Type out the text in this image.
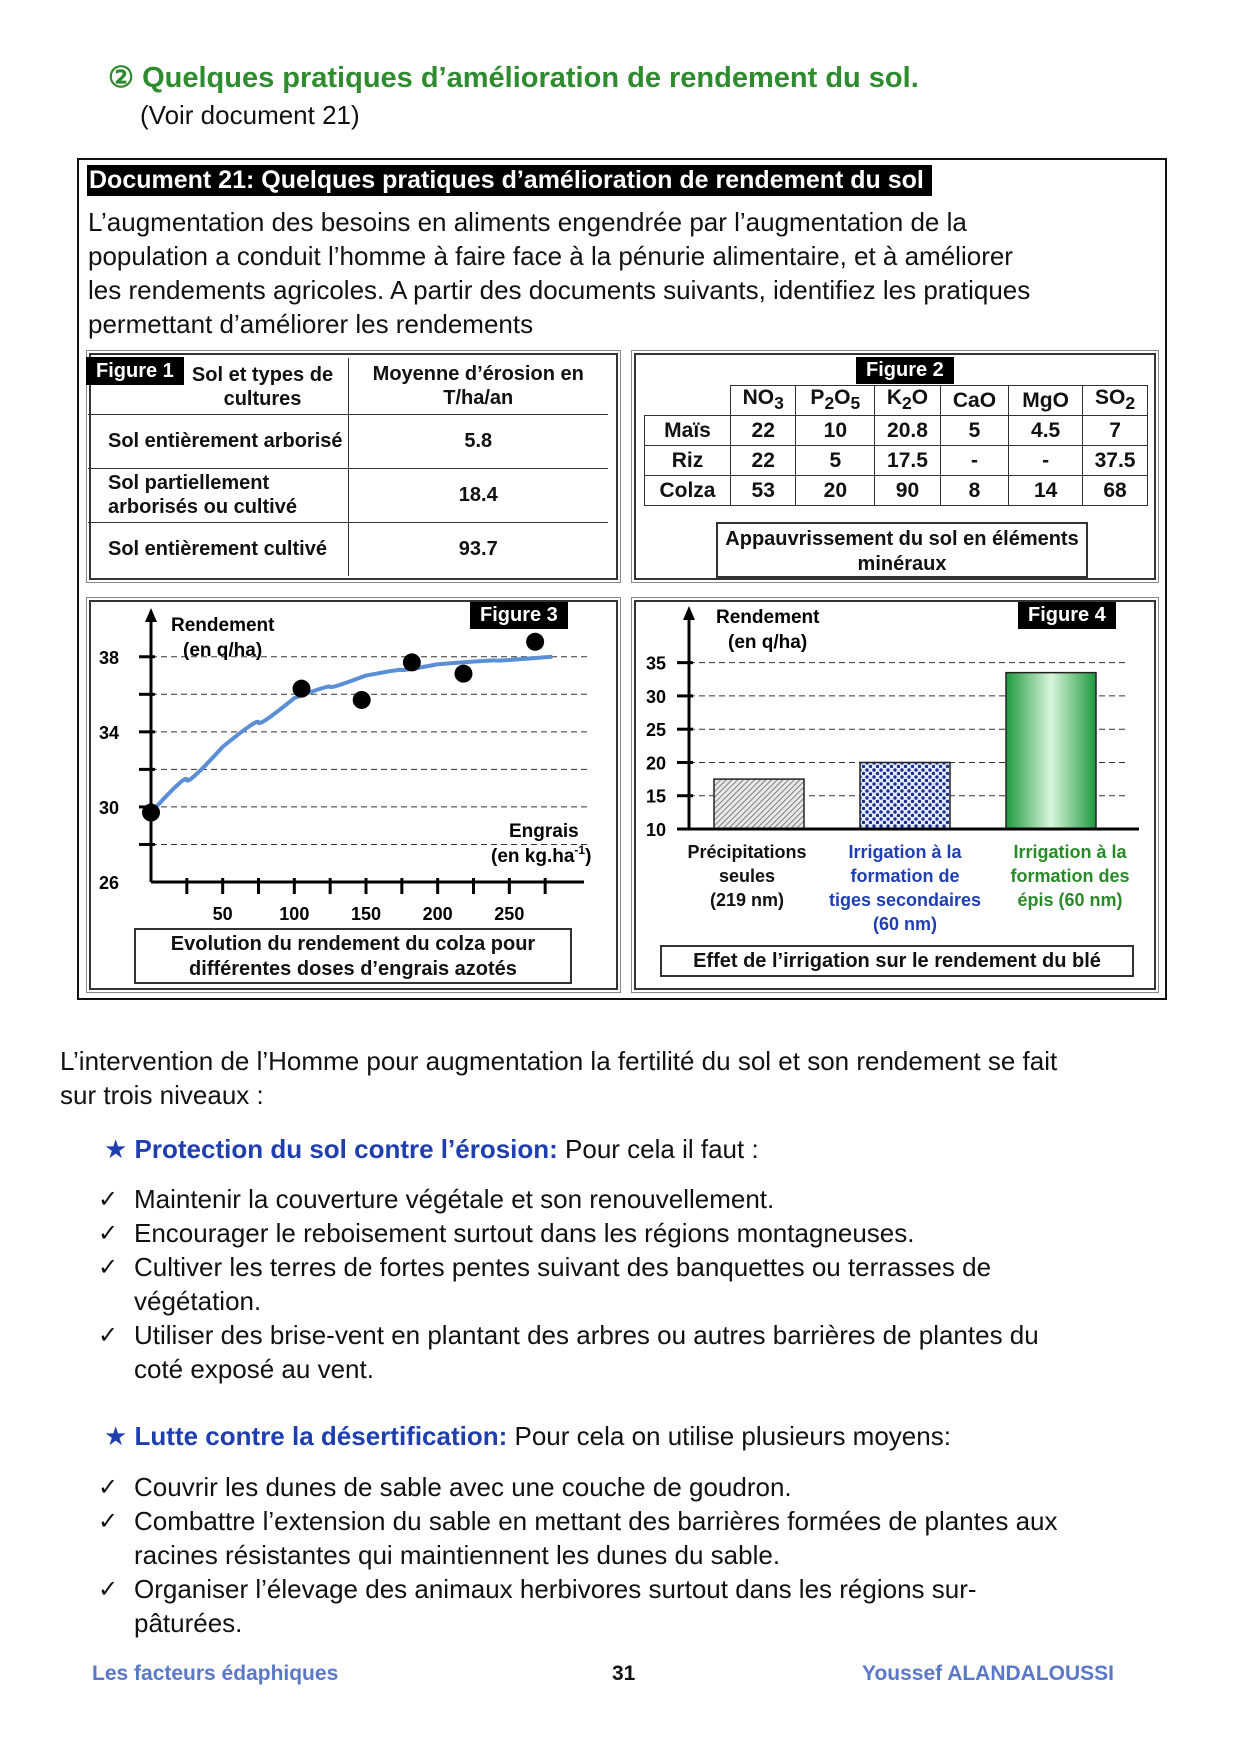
② Quelques pratiques d’amélioration de rendement du sol.
(Voir document 21)
Document 21: Quelques pratiques d’amélioration de rendement du sol
L’augmentation des besoins en aliments engendrée par l’augmentation de la
population a conduit l’homme à faire face à la pénurie alimentaire, et à améliorer
les rendements agricoles. A partir des documents suivants, identifiez les pratiques
permettant d’améliorer les rendements
Figure 1 Sol et types de cultures	Moyenne d’érosion en T/ha/an
Sol entièrement arborisé	5.8
Sol partiellement arborisés ou cultivé	18.4
Sol entièrement cultivé	93.7
Figure 2
	$NO_3$	$P_2O_5$	$K_2O$	CaO	MgO	$SO_2$
Maïs	22	10	20.8	5	4.5	7
Riz	22	5	17.5	-	-	37.5
Colza	53	20	90	8	14	68
Appauvrissement du sol en éléments minéraux
Figure 3
26
30
34
38
50	100 150 200 250
Rendement
(en q/ha)
Engrais
(en $kg.ha^{-1}$)
Evolution du rendement du colza pour différentes doses d’engrais azotés
Figure 4
10
15
20
25
30
35
Rendement
(en q/ha)
Précipitations
seules
(219 nm)
Irrigation à la
formation de
tiges secondaires
(60 nm)
Irrigation à la
formation des
épis (60 nm)
Effet de l’irrigation sur le rendement du blé
L’intervention de l’Homme pour augmentation la fertilité du sol et son rendement se fait
sur trois niveaux :
★ Protection du sol contre l’érosion: Pour cela il faut :
✓ Maintenir la couverture végétale et son renouvellement.
✓ Encourager le reboisement surtout dans les régions montagneuses.
✓ Cultiver les terres de fortes pentes suivant des banquettes ou terrasses de
végétation.
✓ Utiliser des brise-vent en plantant des arbres ou autres barrières de plantes du
coté exposé au vent.
★ Lutte contre la désertification: Pour cela on utilise plusieurs moyens:
✓ Couvrir les dunes de sable avec une couche de goudron.
✓ Combattre l’extension du sable en mettant des barrières formées de plantes aux
racines résistantes qui maintiennent les dunes du sable.
✓ Organiser l’élevage des animaux herbivores surtout dans les régions sur-
pâturées.
Les facteurs édaphiques	31	Youssef ALANDALOUSSI
